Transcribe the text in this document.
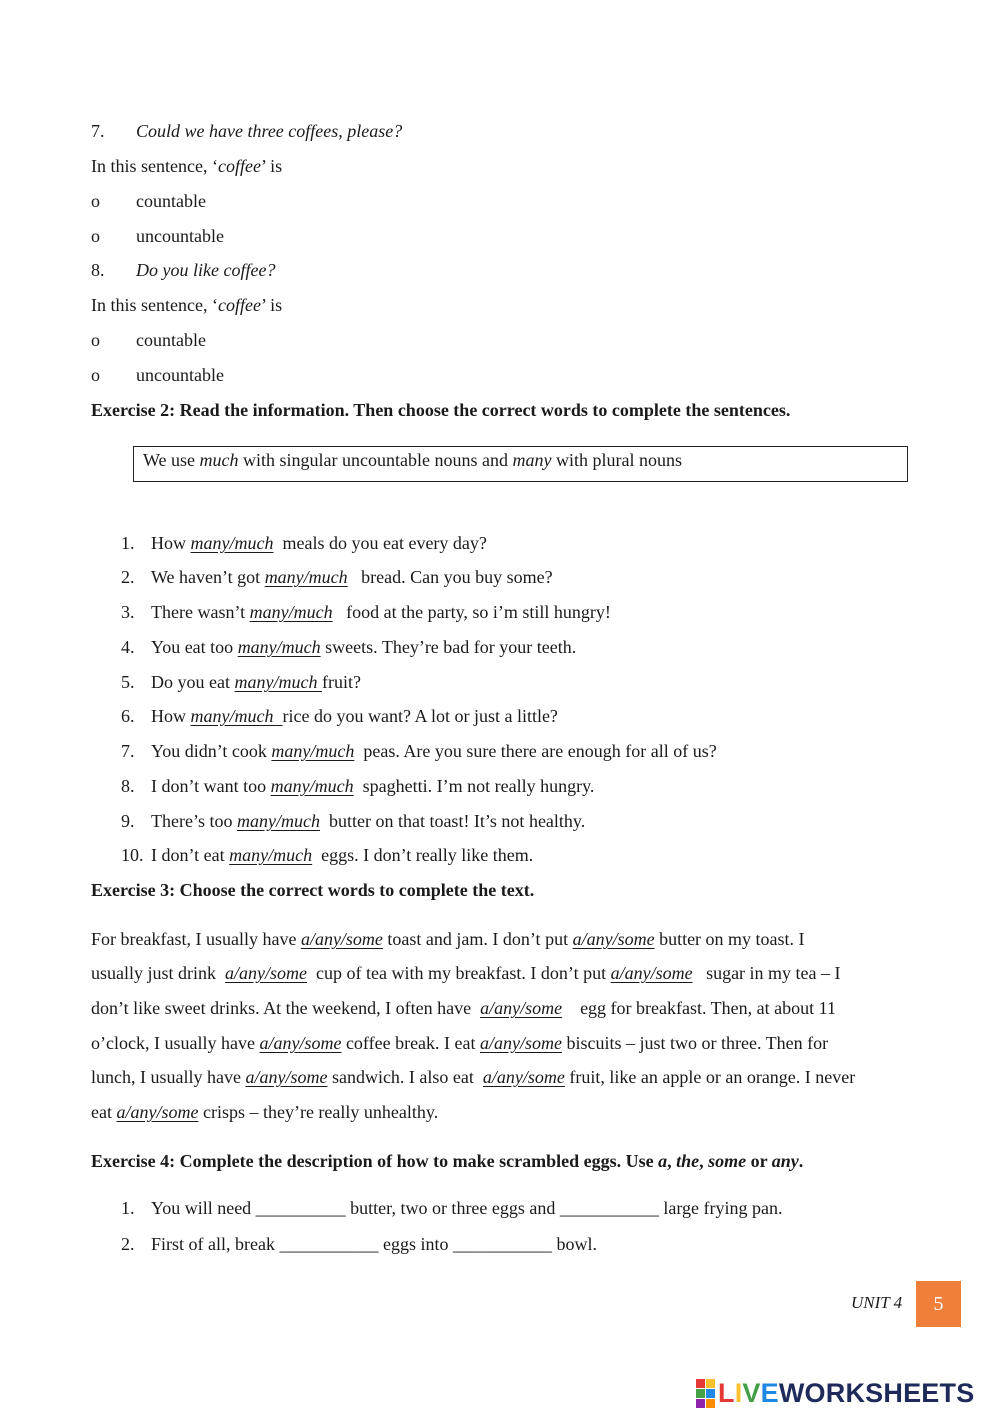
7. Could we have three coffees, please?
In this sentence, ‘coffee’ is
o countable
o uncountable
8. Do you like coffee?
In this sentence, ‘coffee’ is
o countable
o uncountable
Exercise 2: Read the information. Then choose the correct words to complete the sentences.
We use much with singular uncountable nouns and many with plural nouns
1. How many/much  meals do you eat every day?
2. We haven’t got many/much   bread. Can you buy some?
3. There wasn’t many/much   food at the party, so i’m still hungry!
4. You eat too many/much sweets. They’re bad for your teeth.
5. Do you eat many/much fruit?
6. How many/much  rice do you want? A lot or just a little?
7. You didn’t cook many/much  peas. Are you sure there are enough for all of us?
8. I don’t want too many/much  spaghetti. I’m not really hungry.
9. There’s too many/much  butter on that toast! It’s not healthy.
10. I don’t eat many/much  eggs. I don’t really like them.
Exercise 3: Choose the correct words to complete the text.
For breakfast, I usually have a/any/some toast and jam. I don’t put a/any/some butter on my toast. I
usually just drink  a/any/some  cup of tea with my breakfast. I don’t put a/any/some   sugar in my tea – I
don’t like sweet drinks. At the weekend, I often have  a/any/some    egg for breakfast. Then, at about 11
o’clock, I usually have a/any/some coffee break. I eat a/any/some biscuits – just two or three. Then for
lunch, I usually have a/any/some sandwich. I also eat  a/any/some fruit, like an apple or an orange. I never
eat a/any/some crisps – they’re really unhealthy.
Exercise 4: Complete the description of how to make scrambled eggs. Use a, the, some or any.
1. You will need __________ butter, two or three eggs and ___________ large frying pan.
2. First of all, break ___________ eggs into ___________ bowl.
UNIT 4	5
LIVEWORKSHEETS
